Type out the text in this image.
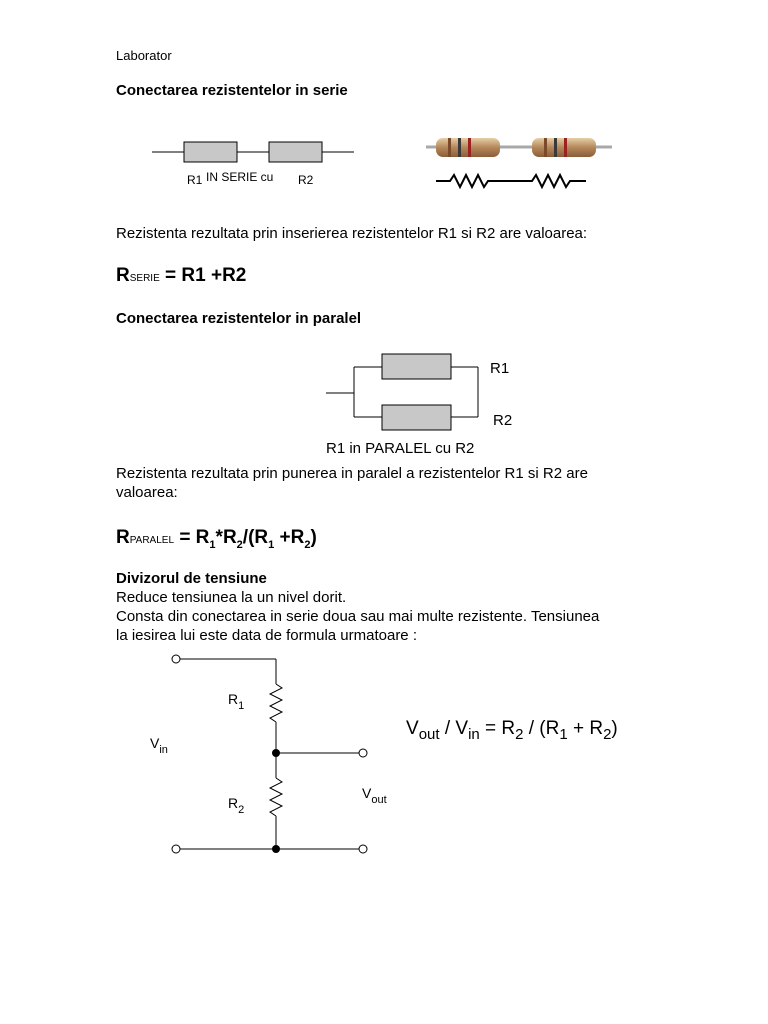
Laborator
Conectarea rezistentelor in serie
R1 IN SERIE cu R2
Rezistenta rezultata prin inserierea rezistentelor R1 si R2 are valoarea:
RSERIE = R1 +R2
Conectarea rezistentelor in paralel
R1
R2
R1 in PARALEL cu R2
Rezistenta rezultata prin punerea in paralel a rezistentelor R1 si R2 are
valoarea:
RPARALEL = $R_1*R_2/(R_1 +R_2)$
Divizorul de tensiune
Reduce tensiunea la un nivel dorit.
Consta din conectarea in serie doua sau mai multe rezistente. Tensiunea
la iesirea lui este data de formula urmatoare :
$R_1$
$R_2$
$V_{in}$
$V_{out}$
$V_{out} / V_{in} = R_2 / (R_1 + R_2)$
